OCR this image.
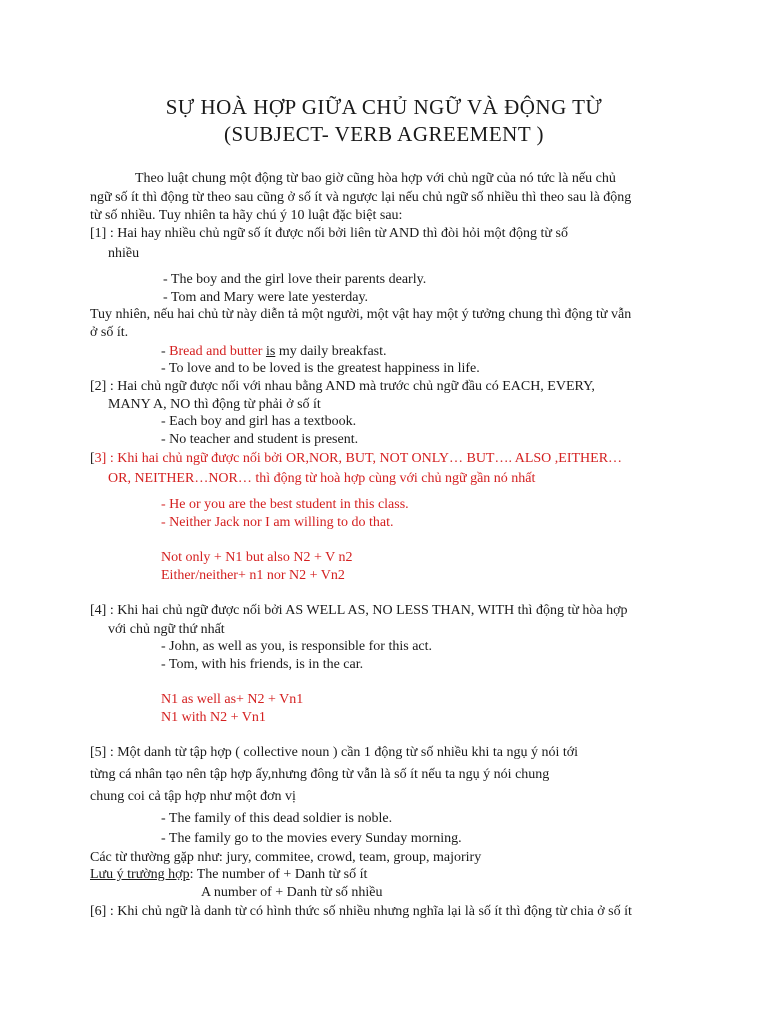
SỰ HOÀ HỢP GIỮA CHỦ NGỮ VÀ ĐỘNG TỪ
(SUBJECT- VERB AGREEMENT )
Theo luật chung một động từ bao giờ cũng hòa hợp với chủ ngữ của nó tức là nếu chủ
ngữ số ít thì động từ theo sau cũng ở số ít và ngược lại nếu chủ ngữ số nhiều thì theo sau là động
từ số nhiều. Tuy nhiên ta hãy chú ý 10 luật đặc biệt sau:
[1] : Hai hay nhiều chủ ngữ số ít được nối bởi liên từ AND thì đòi hỏi một động từ số
nhiều
- The boy and the girl love their parents dearly.
- Tom and Mary were late yesterday.
Tuy nhiên, nếu hai chủ từ này diễn tả một người, một vật hay một ý tưởng chung thì động từ vẫn
ở số ít.
- Bread and butter is my daily breakfast.
- To love and to be loved is the greatest happiness in life.
[2] : Hai chủ ngữ được nối với nhau bằng AND mà trước chủ ngữ đầu có EACH, EVERY,
MANY A, NO thì động từ phải ở số ít
- Each boy and girl has a textbook.
- No teacher and student is present.
[3] : Khi hai chủ ngữ được nối bởi OR,NOR, BUT, NOT ONLY… BUT…. ALSO ,EITHER…
OR, NEITHER…NOR… thì động từ hoà hợp cùng với chủ ngữ gần nó nhất
- He or you are the best student in this class.
- Neither Jack nor I am willing to do that.
Not only + N1 but also N2 + V n2
Either/neither+ n1 nor N2 + Vn2
[4] : Khi hai chủ ngữ được nối bởi AS WELL AS, NO LESS THAN, WITH thì động từ hòa hợp
với chủ ngữ thứ nhất
- John, as well as you, is responsible for this act.
- Tom, with his friends, is in the car.
N1 as well as+ N2 + Vn1
N1 with N2 + Vn1
[5] : Một danh từ tập hợp ( collective noun ) cần 1 động từ số nhiều khi ta ngụ ý nói tới
từng cá nhân tạo nên tập hợp ấy,nhưng đông từ vẫn là số ít nếu ta ngụ ý nói chung
chung coi cả tập hợp như một đơn vị
- The family of this dead soldier is noble.
- The family go to the movies every Sunday morning.
Các từ thường gặp như: jury, commitee, crowd, team, group, majoriry
Lưu ý trường hợp: The number of + Danh từ số ít
A number of + Danh từ số nhiều
[6] : Khi chủ ngữ là danh từ có hình thức số nhiều nhưng nghĩa lại là số ít thì động từ chia ở số ít
